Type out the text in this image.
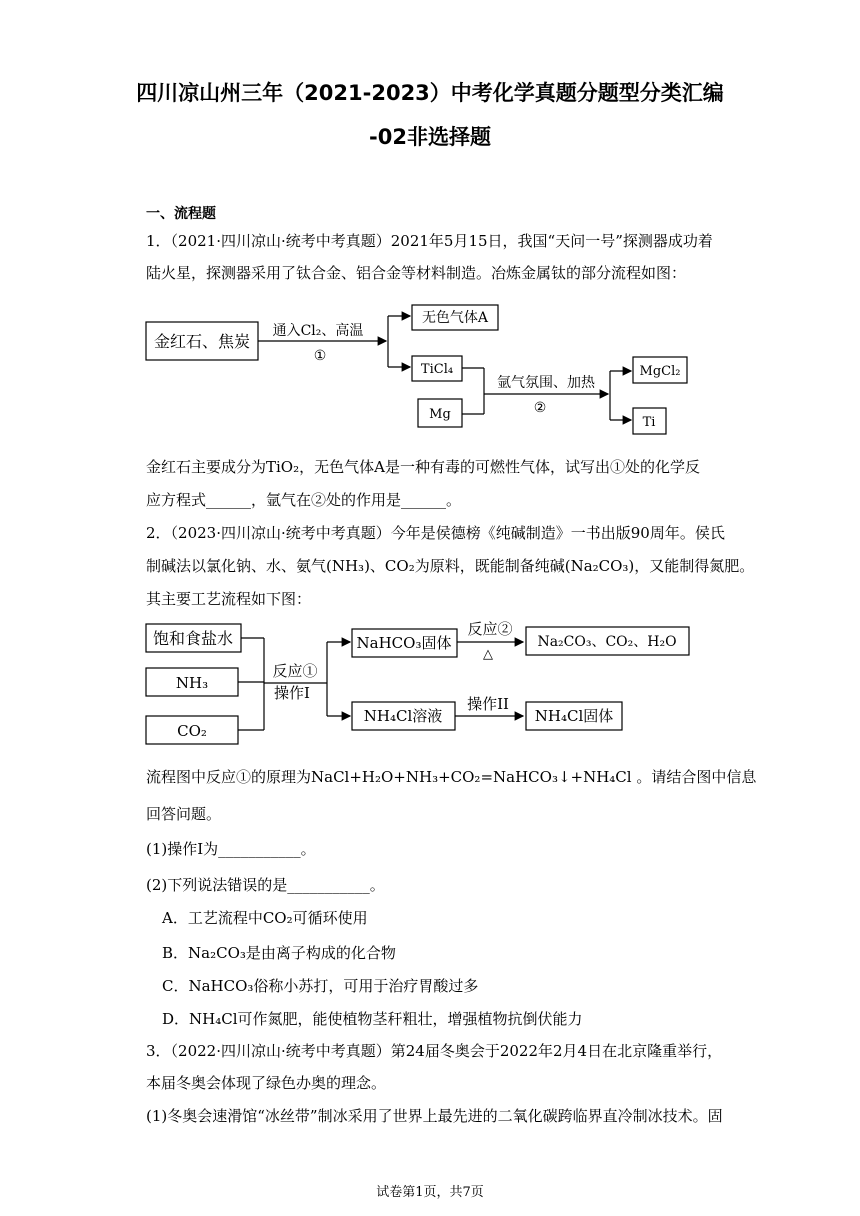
四川凉山州三年（2021-2023）中考化学真题分题型分类汇编
-02非选择题
一、流程题
1．（2021·四川凉山·统考中考真题）2021年5月15日，我国“天问一号”探测器成功着
陆火星，探测器采用了钛合金、铝合金等材料制造。冶炼金属钛的部分流程如图：
金红石、焦炭
通入Cl₂、高温
①
无色气体A
TiCl₄
Mg
氩气氛围、加热
②
MgCl₂
Ti
金红石主要成分为TiO₂，无色气体A是一种有毒的可燃性气体，试写出①处的化学反
应方程式______，氩气在②处的作用是______。
2．（2023·四川凉山·统考中考真题）今年是侯德榜《纯碱制造》一书出版90周年。侯氏
制碱法以氯化钠、水、氨气(NH₃)、CO₂为原料，既能制备纯碱(Na₂CO₃)，又能制得氮肥。
其主要工艺流程如下图：
饱和食盐水
NH₃
CO₂
反应①
操作I
NaHCO₃固体
反应②
△
Na₂CO₃、CO₂、H₂O
NH₄Cl溶液
操作II
NH₄Cl固体
流程图中反应①的原理为NaCl+H₂O+NH₃+CO₂=NaHCO₃↓+NH₄Cl 。请结合图中信息
回答问题。
(1)操作I为___________。
(2)下列说法错误的是___________。
A．工艺流程中CO₂可循环使用
B．Na₂CO₃是由离子构成的化合物
C．NaHCO₃俗称小苏打，可用于治疗胃酸过多
D．NH₄Cl可作氮肥，能使植物茎秆粗壮，增强植物抗倒伏能力
3．（2022·四川凉山·统考中考真题）第24届冬奥会于2022年2月4日在北京隆重举行，
本届冬奥会体现了绿色办奥的理念。
(1)冬奥会速滑馆“冰丝带”制冰采用了世界上最先进的二氧化碳跨临界直冷制冰技术。固
试卷第1页，共7页
